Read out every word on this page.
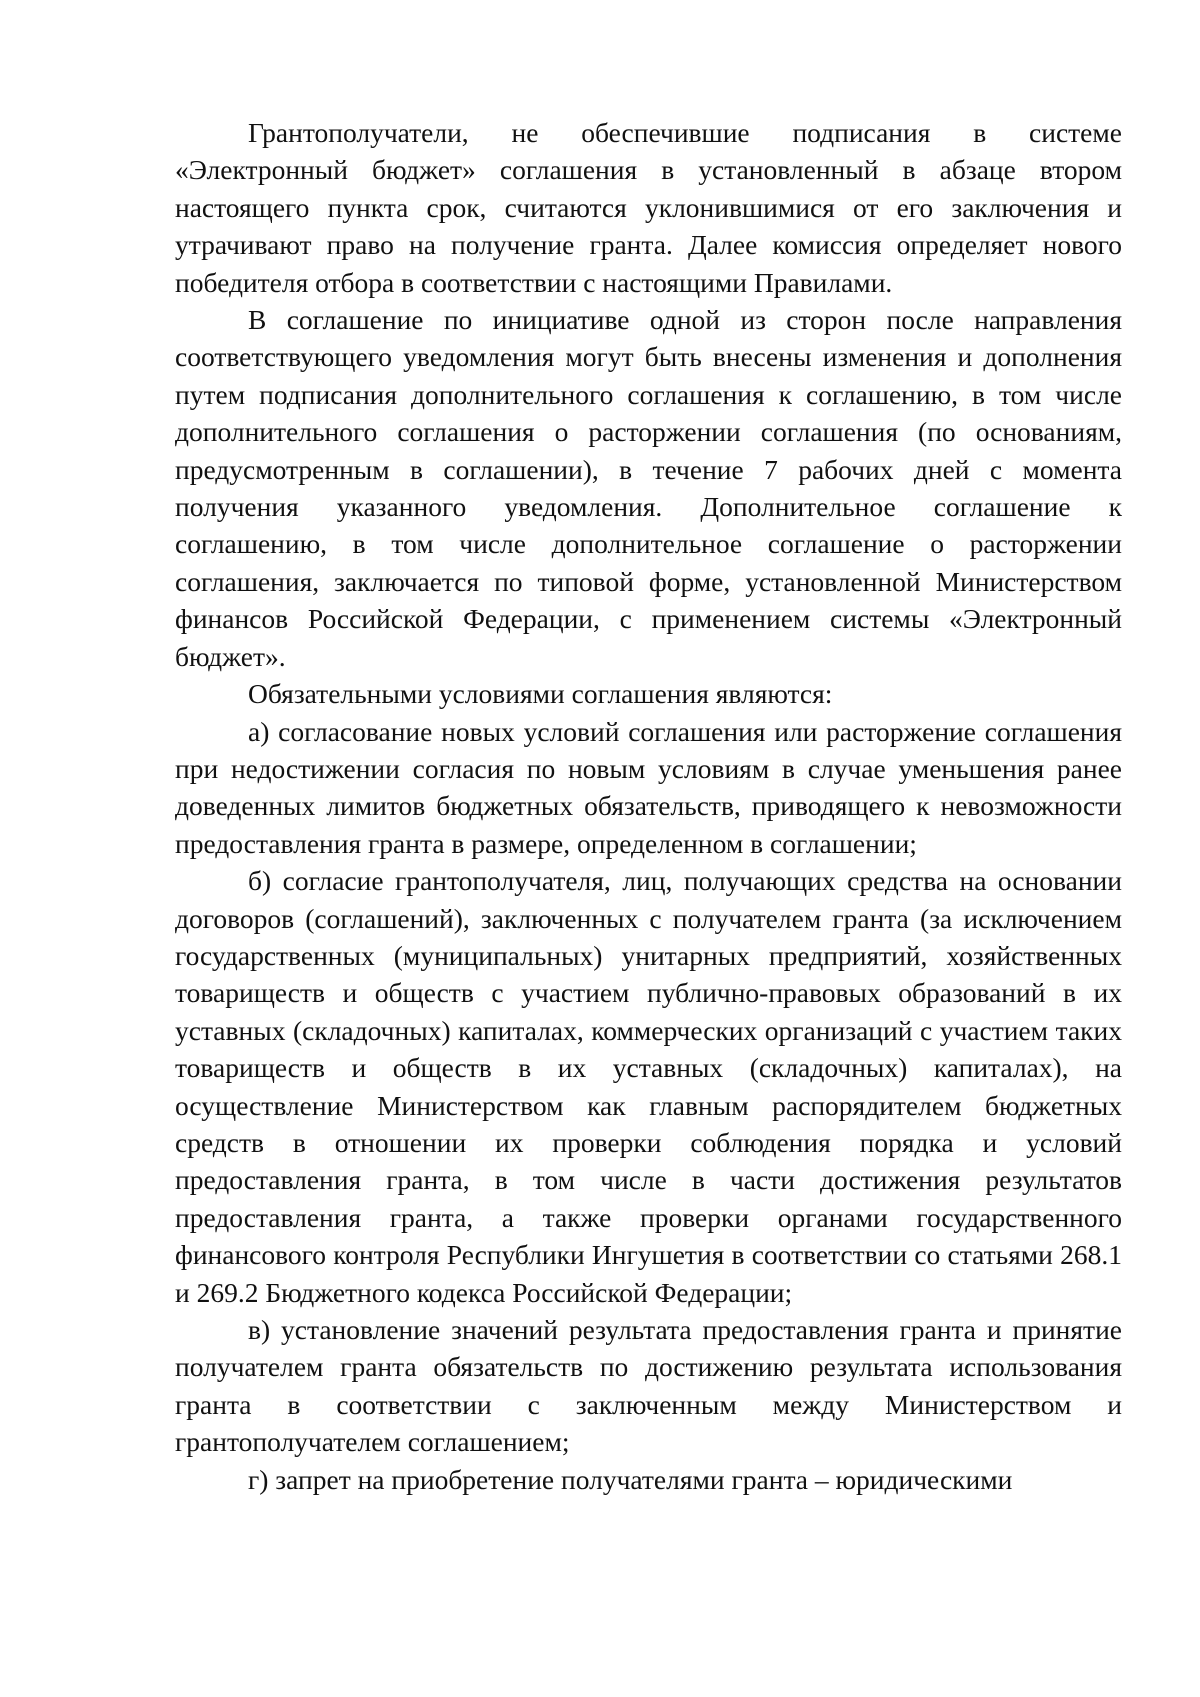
Грантополучатели, не обеспечившие подписания в системе «Электронный бюджет» соглашения в установленный в абзаце втором настоящего пункта срок, считаются уклонившимися от его заключения и утрачивают право на получение гранта. Далее комиссия определяет нового победителя отбора в соответствии с настоящими Правилами.

В соглашение по инициативе одной из сторон после направления соответствующего уведомления могут быть внесены изменения и дополнения путем подписания дополнительного соглашения к соглашению, в том числе дополнительного соглашения о расторжении соглашения (по основаниям, предусмотренным в соглашении), в течение 7 рабочих дней с момента получения указанного уведомления. Дополнительное соглашение к соглашению, в том числе дополнительное соглашение о расторжении соглашения, заключается по типовой форме, установленной Министерством финансов Российской Федерации, с применением системы «Электронный бюджет».

Обязательными условиями соглашения являются:

а) согласование новых условий соглашения или расторжение соглашения при недостижении согласия по новым условиям в случае уменьшения ранее доведенных лимитов бюджетных обязательств, приводящего к невозможности предоставления гранта в размере, определенном в соглашении;

б) согласие грантополучателя, лиц, получающих средства на основании договоров (соглашений), заключенных с получателем гранта (за исключением государственных (муниципальных) унитарных предприятий, хозяйственных товариществ и обществ с участием публично-правовых образований в их уставных (складочных) капиталах, коммерческих организаций с участием таких товариществ и обществ в их уставных (складочных) капиталах), на осуществление Министерством как главным распорядителем бюджетных средств в отношении их проверки соблюдения порядка и условий предоставления гранта, в том числе в части достижения результатов предоставления гранта, а также проверки органами государственного финансового контроля Республики Ингушетия в соответствии со статьями 268.1 и 269.2 Бюджетного кодекса Российской Федерации;

в) установление значений результата предоставления гранта и принятие получателем гранта обязательств по достижению результата использования гранта в соответствии с заключенным между Министерством и грантополучателем соглашением;

г) запрет на приобретение получателями гранта – юридическими
